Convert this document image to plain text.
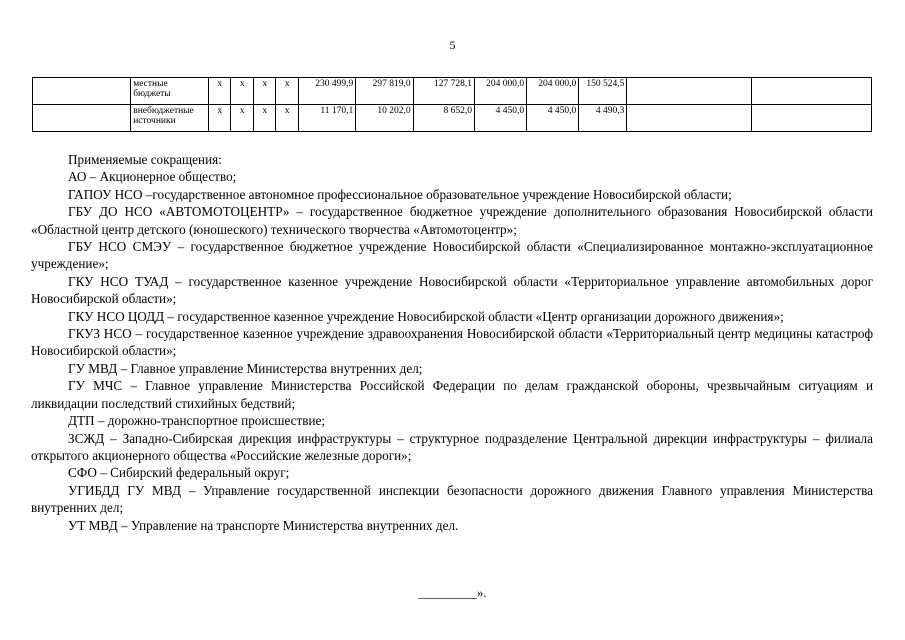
5
	местные бюджеты	x	x	x	x	230 499,9	297 819,0	127 728,1	204 000,0	204 000,0	150 524,5		
	внебюджетные источники	x	x	x	x	11 170,1	10 202,0	8 652,0	4 450,0	4 450,0	4 490,3		

Применяемые сокращения:

АО – Акционерное общество;

ГАПОУ НСО –государственное автономное профессиональное образовательное учреждение Новосибирской области;

ГБУ ДО НСО «АВТОМОТОЦЕНТР» – государственное бюджетное учреждение дополнительного образования Новосибирской области «Областной центр детского (юношеского) технического творчества «Автомотоцентр»;

ГБУ НСО СМЭУ – государственное бюджетное учреждение Новосибирской области «Специализированное монтажно-эксплуатационное учреждение»;

ГКУ НСО ТУАД – государственное казенное учреждение Новосибирской области «Территориальное управление автомобильных дорог Новосибирской области»;

ГКУ НСО ЦОДД – государственное казенное учреждение Новосибирской области «Центр организации дорожного движения»;

ГКУЗ НСО – государственное казенное учреждение здравоохранения Новосибирской области «Территориальный центр медицины катастроф Новосибирской области»;

ГУ МВД – Главное управление Министерства внутренних дел;

ГУ МЧС – Главное управление Министерства Российской Федерации по делам гражданской обороны, чрезвычайным ситуациям и ликвидации последствий стихийных бедствий;

ДТП – дорожно-транспортное происшествие;

ЗСЖД – Западно-Сибирская дирекция инфраструктуры – структурное подразделение Центральной дирекции инфраструктуры – филиала открытого акционерного общества «Российские железные дороги»;

СФО – Сибирский федеральный округ;

УГИБДД ГУ МВД – Управление государственной инспекции безопасности дорожного движения Главного управления Министерства внутренних дел;

УТ МВД – Управление на транспорте Министерства внутренних дел.

_________».
